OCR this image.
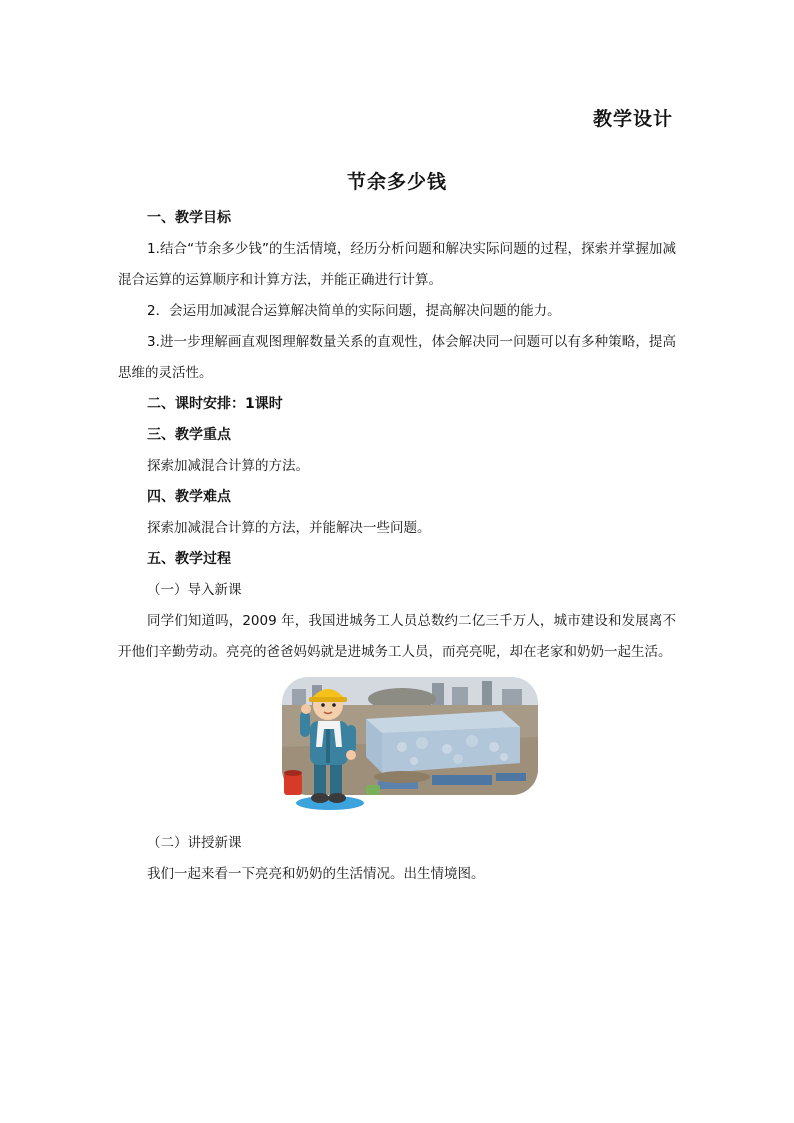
教学设计
节余多少钱

一、教学目标

1.结合“节余多少钱”的生活情境，经历分析问题和解决实际问题的过程，探索并掌握加减混合运算的运算顺序和计算方法，并能正确进行计算。

2．会运用加减混合运算解决简单的实际问题，提高解决问题的能力。

3.进一步理解画直观图理解数量关系的直观性，体会解决同一问题可以有多种策略，提高思维的灵活性。

二、课时安排：1课时

三、教学重点

探索加减混合计算的方法。

四、教学难点

探索加减混合计算的方法，并能解决一些问题。

五、教学过程

（一）导入新课

同学们知道吗，2009 年，我国进城务工人员总数约二亿三千万人，城市建设和发展离不开他们辛勤劳动。亮亮的爸爸妈妈就是进城务工人员，而亮亮呢，却在老家和奶奶一起生活。

（二）讲授新课

我们一起来看一下亮亮和奶奶的生活情况。出生情境图。
